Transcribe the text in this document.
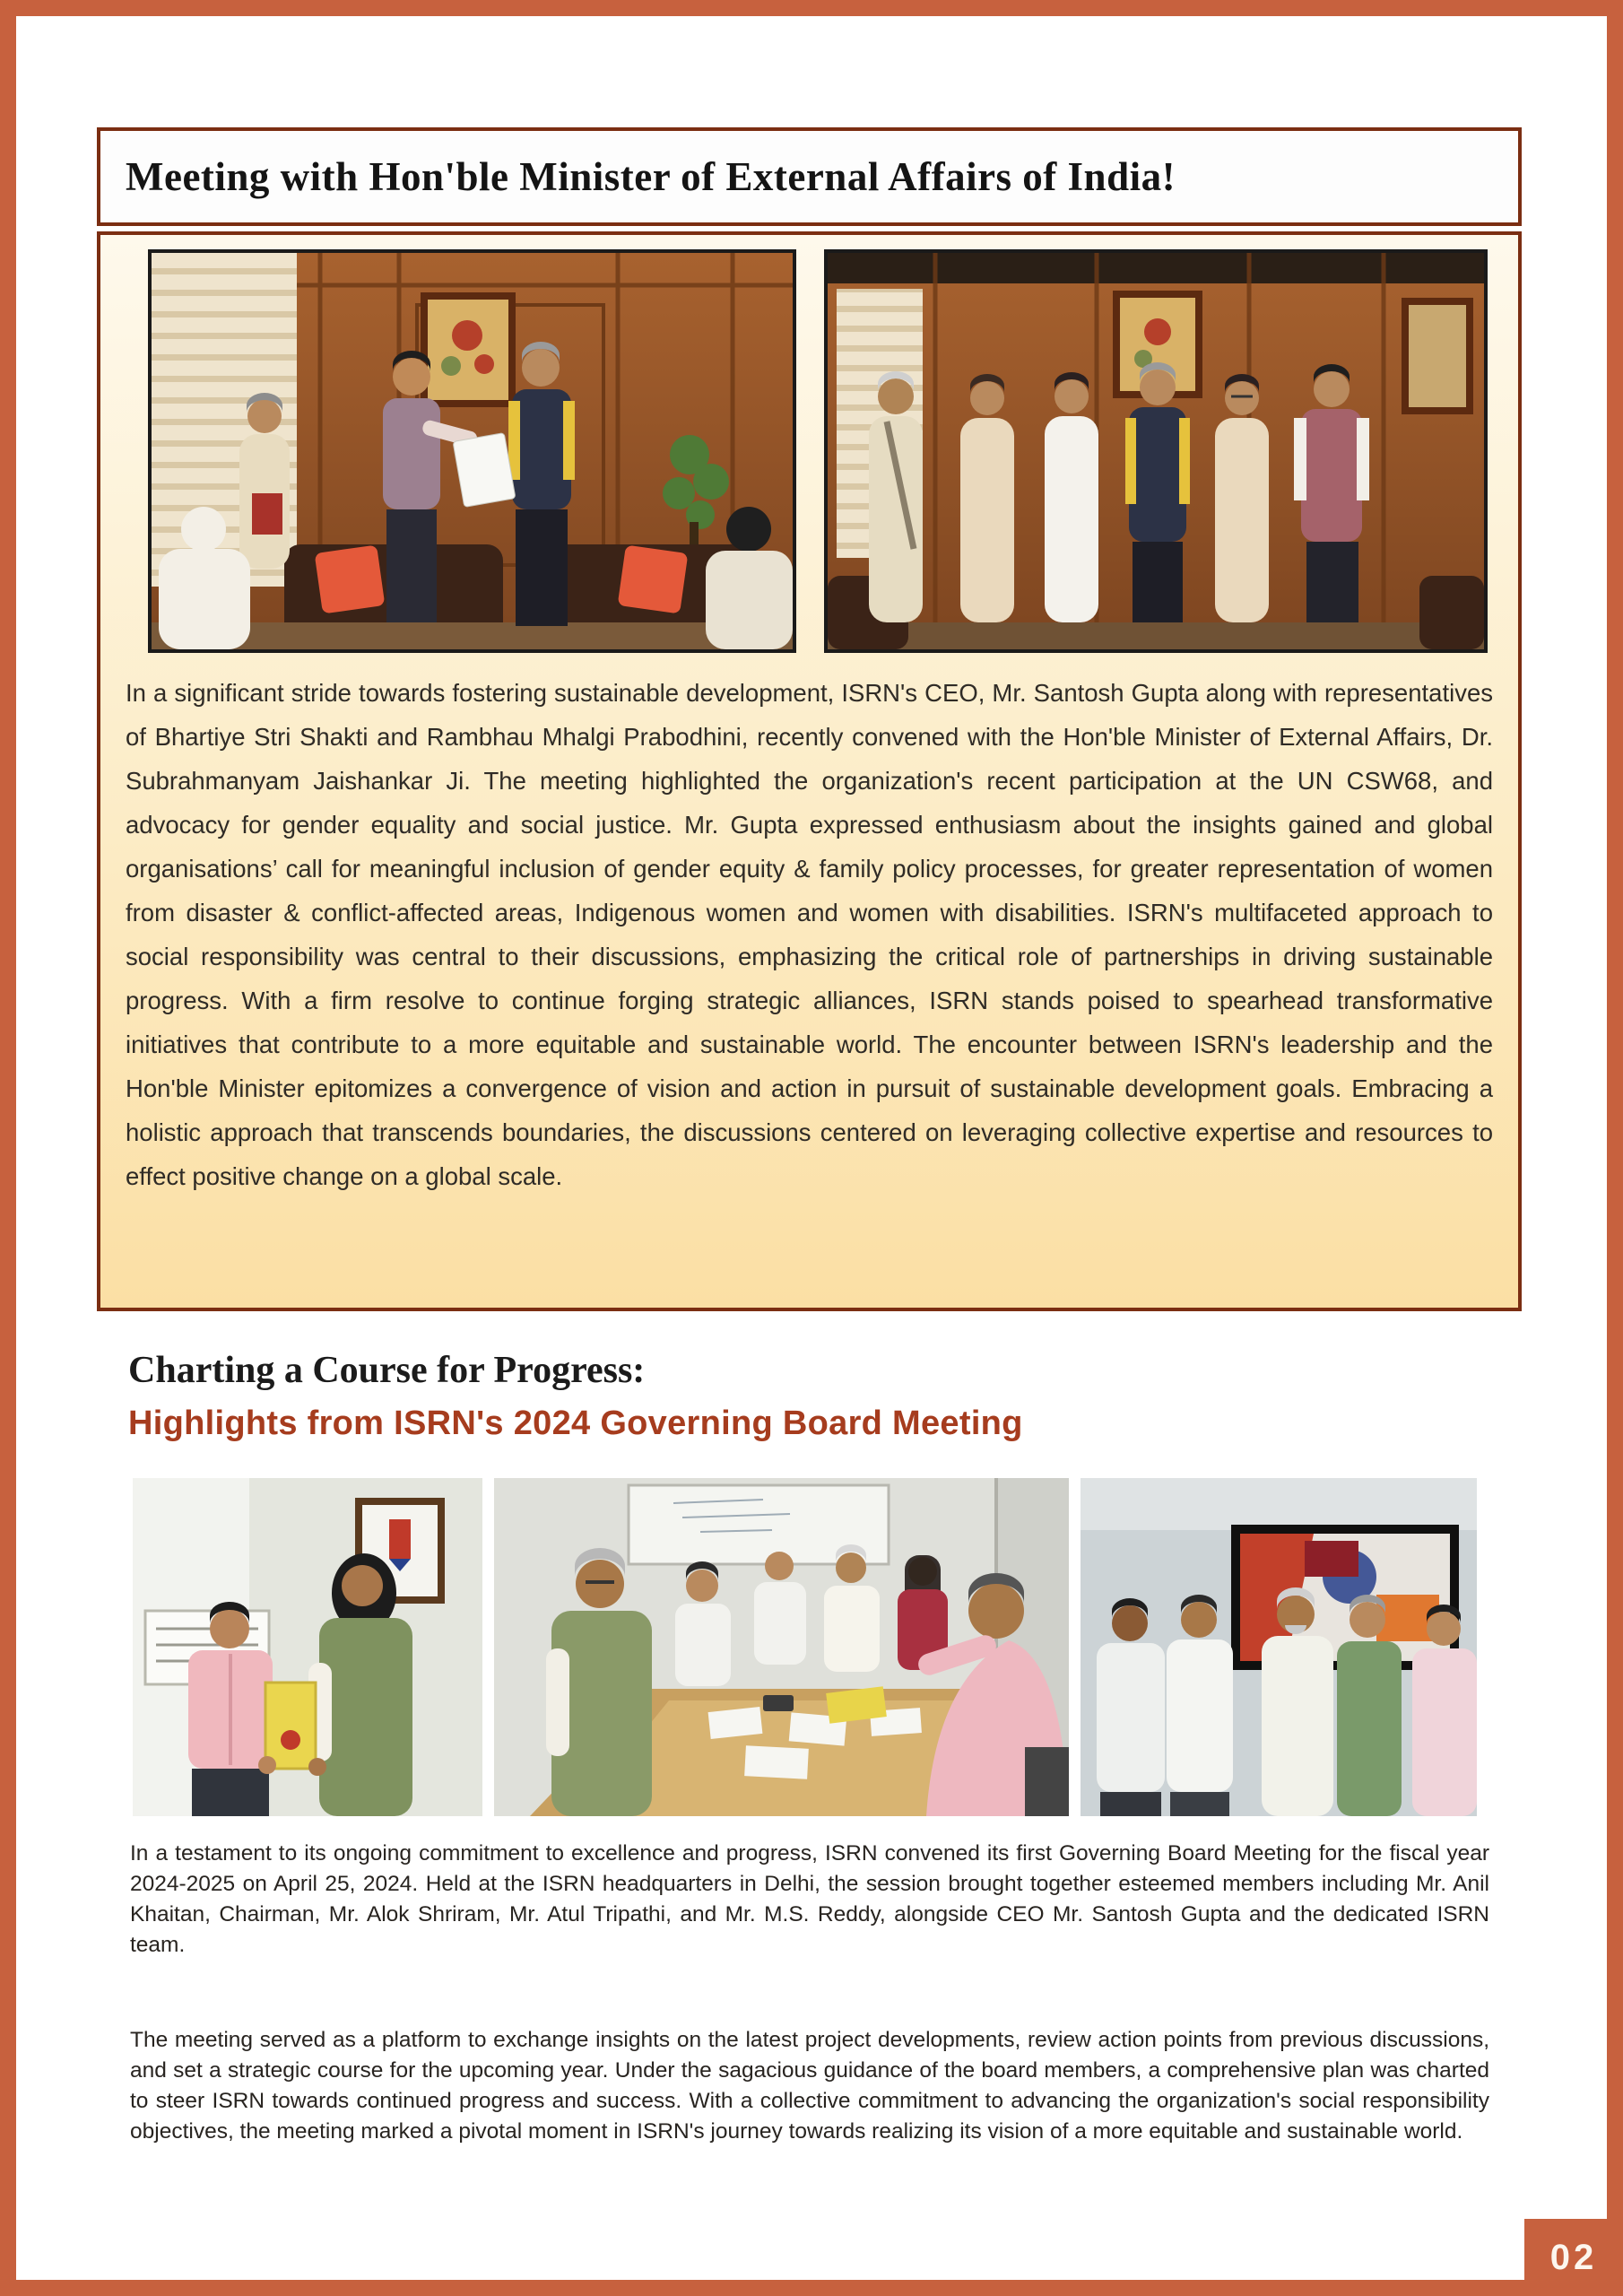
Meeting with Hon'ble Minister of External Affairs of India!

In a significant stride towards fostering sustainable development, ISRN's CEO, Mr. Santosh Gupta along with representatives of Bhartiye Stri Shakti and Rambhau Mhalgi Prabodhini, recently convened with the Hon'ble Minister of External Affairs, Dr. Subrahmanyam Jaishankar Ji. The meeting highlighted the organization's recent participation at the UN CSW68, and advocacy for gender equality and social justice. Mr. Gupta expressed enthusiasm about the insights gained and global organisations’ call for meaningful inclusion of gender equity & family policy processes, for greater representation of women from disaster & conflict-affected areas, Indigenous women and women with disabilities. ISRN's multifaceted approach to social responsibility was central to their discussions, emphasizing the critical role of partnerships in driving sustainable progress. With a firm resolve to continue forging strategic alliances, ISRN stands poised to spearhead transformative initiatives that contribute to a more equitable and sustainable world. The encounter between ISRN's leadership and the Hon'ble Minister epitomizes a convergence of vision and action in pursuit of sustainable development goals. Embracing a holistic approach that transcends boundaries, the discussions centered on leveraging collective expertise and resources to effect positive change on a global scale.

Charting a Course for Progress:
Highlights from ISRN's 2024 Governing Board Meeting

In a testament to its ongoing commitment to excellence and progress, ISRN convened its first Governing Board Meeting for the fiscal year 2024-2025 on April 25, 2024. Held at the ISRN headquarters in Delhi, the session brought together esteemed members including Mr. Anil Khaitan, Chairman, Mr. Alok Shriram, Mr. Atul Tripathi, and Mr. M.S. Reddy, alongside CEO Mr. Santosh Gupta and the dedicated ISRN team.

The meeting served as a platform to exchange insights on the latest project developments, review action points from previous discussions, and set a strategic course for the upcoming year. Under the sagacious guidance of the board members, a comprehensive plan was charted to steer ISRN towards continued progress and success. With a collective commitment to advancing the organization's social responsibility objectives, the meeting marked a pivotal moment in ISRN's journey towards realizing its vision of a more equitable and sustainable world.

02
